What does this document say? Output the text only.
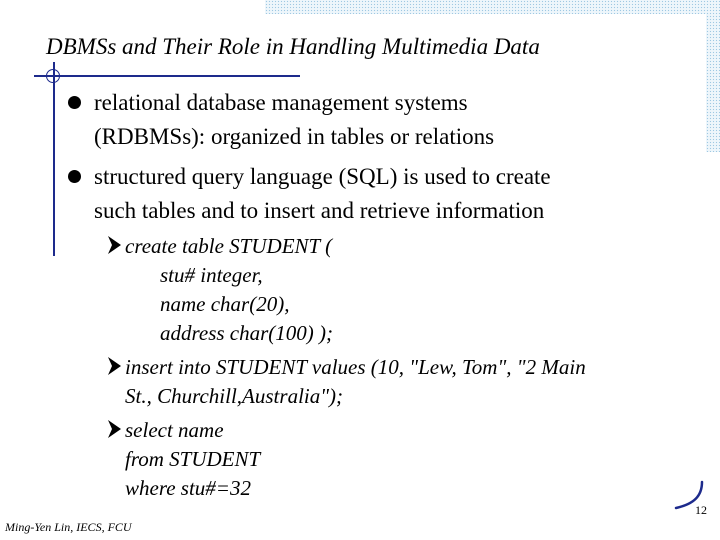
DBMSs and Their Role in Handling Multimedia Data
relational database management systems
(RDBMSs): organized in tables or relations
structured query language (SQL) is used to create
such tables and to insert and retrieve information
create table STUDENT (
stu# integer,
name char(20),
address char(100) );
insert into STUDENT values (10, "Lew, Tom", "2 Main
St., Churchill,Australia");
select name
from STUDENT
where stu#=32
12
Ming-Yen Lin, IECS, FCU
